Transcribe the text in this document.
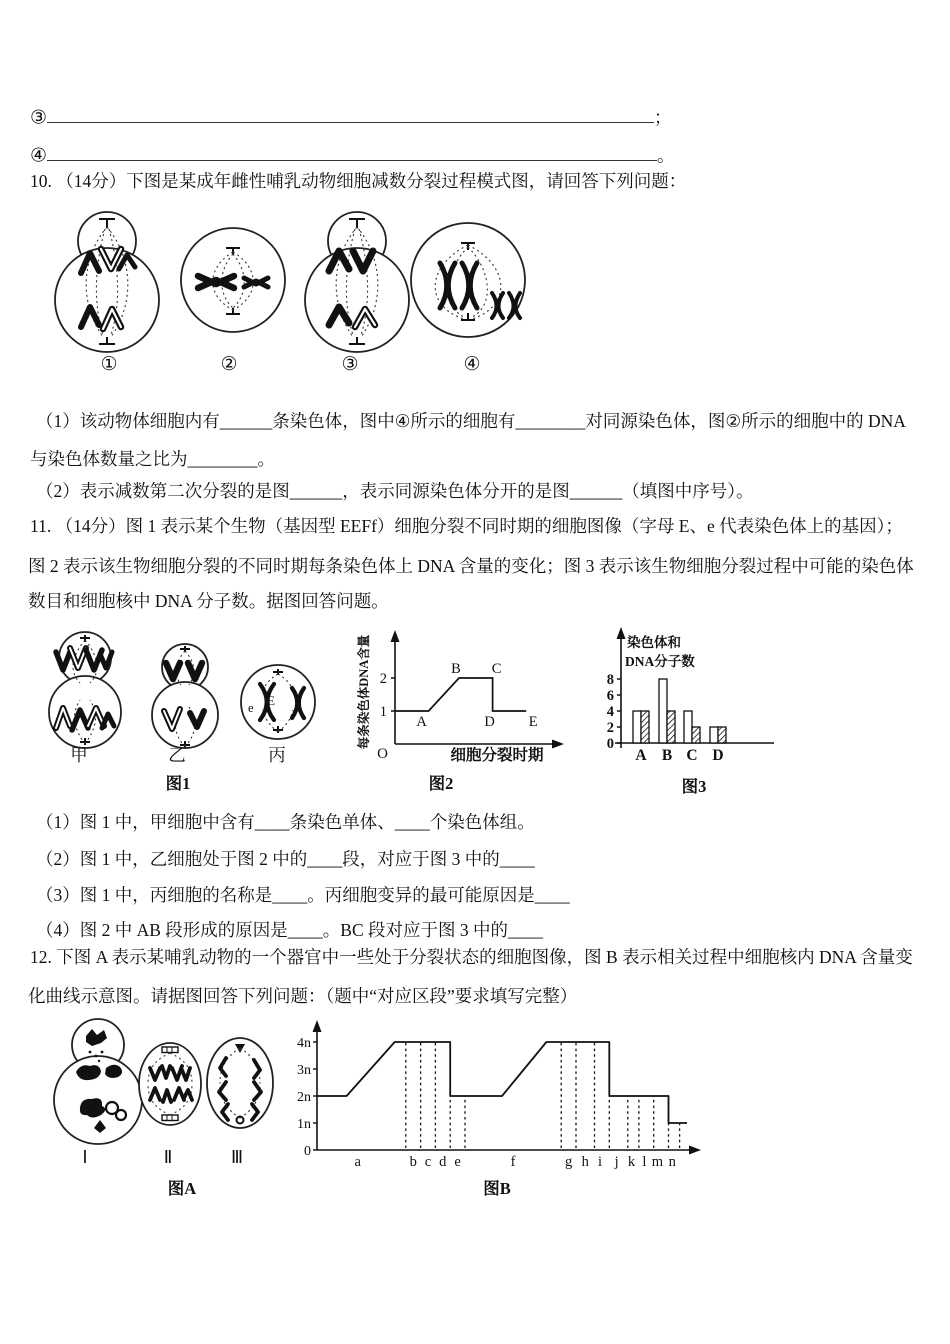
③	；
④	。
10. （14分）下图是某成年雌性哺乳动物细胞减数分裂过程模式图，请回答下列问题：
①	②	③	④
（1）该动物体细胞内有______条染色体，图中④所示的细胞有________对同源染色体，图②所示的细胞中的 DNA
与染色体数量之比为________。
（2）表示减数第二次分裂的是图______，表示同源染色体分开的是图______（填图中序号）。
11. （14分）图 1 表示某个生物（基因型 EEFf）细胞分裂不同时期的细胞图像（字母 E、e 代表染色体上的基因）；
图 2 表示该生物细胞分裂的不同时期每条染色体上 DNA 含量的变化；图 3 表示该生物细胞分裂过程中可能的染色体
数目和细胞核中 DNA 分子数。据图回答问题。
e E
甲	乙	丙
图1
O	细胞分裂时期
每条染色体DNA含量	A
B C
D E
1
2
图2
染色体和
DNA分子数
A B C D
0
2
4
6
8
图3
（1）图 1 中，甲细胞中含有____条染色单体、____个染色体组。
（2）图 1 中，乙细胞处于图 2 中的____段，对应于图 3 中的____
（3）图 1 中，丙细胞的名称是____。丙细胞变异的最可能原因是____
（4）图 2 中 AB 段形成的原因是____。BC 段对应于图 3 中的____
12. 下图 A 表示某哺乳动物的一个器官中一些处于分裂状态的细胞图像，图 B 表示相关过程中细胞核内 DNA 含量变
化曲线示意图。请据图回答下列问题：（题中“对应区段”要求填写完整）
Ⅰ	Ⅱ	Ⅲ
图A
a	b c d e	f	g h i j k l m n
0
1n
2n
3n
4n
图B
